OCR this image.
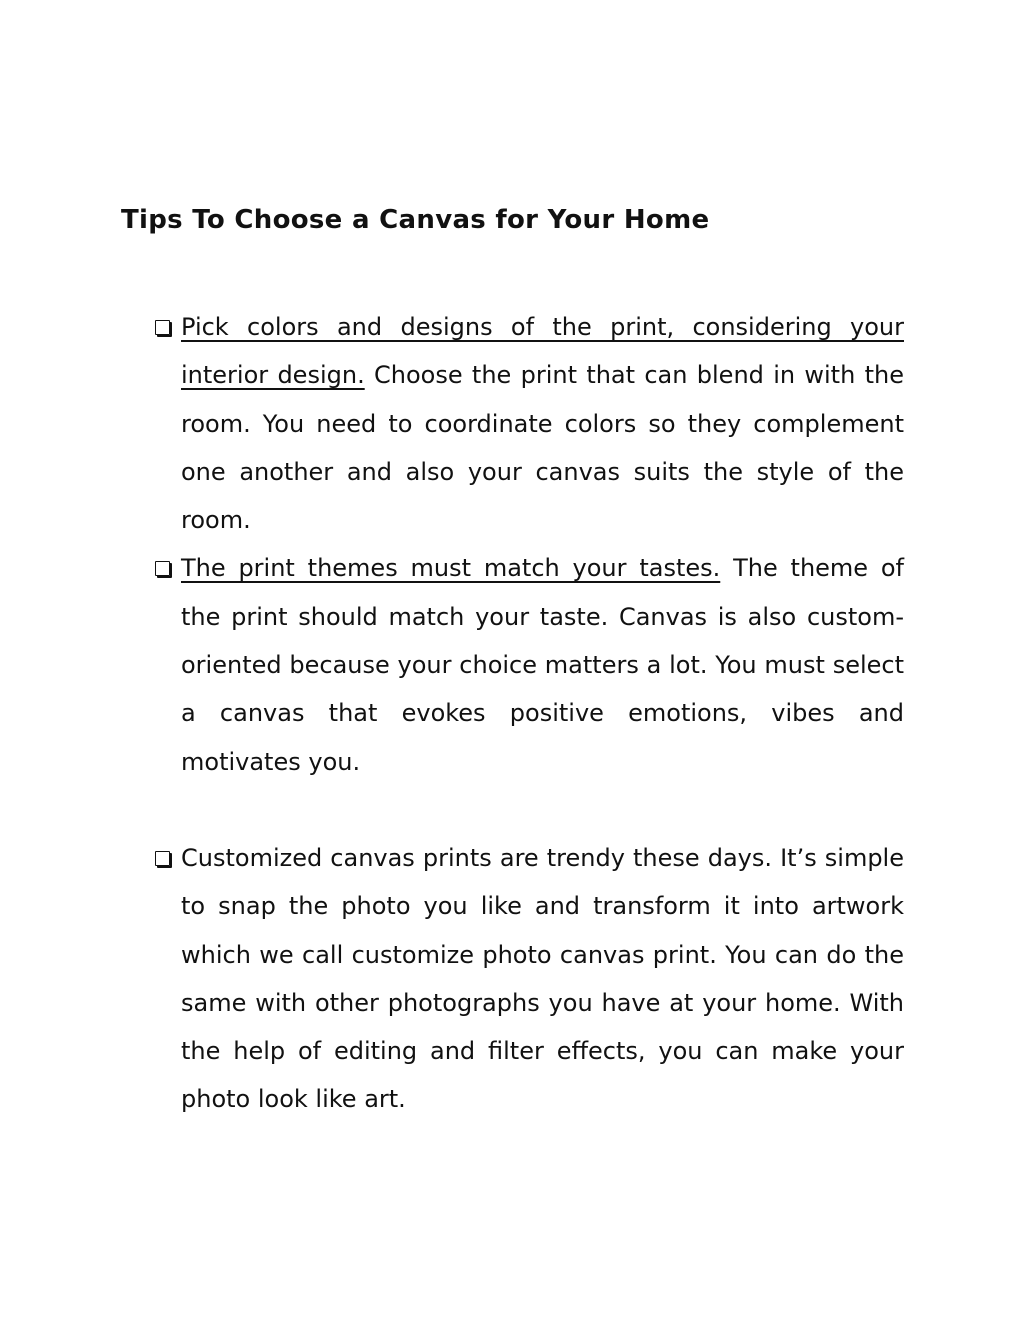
Tips To Choose a Canvas for Your Home
Pick colors and designs of the print, considering your interior design. Choose the print that can blend in with the room. You need to coordinate colors so they complement one another and also your canvas suits the style of the room.
The print themes must match your tastes. The theme of the print should match your taste. Canvas is also custom-oriented because your choice matters a lot. You must select a canvas that evokes positive emotions, vibes and motivates you.
Customized canvas prints are trendy these days. It’s simple to snap the photo you like and transform it into artwork which we call customize photo canvas print. You can do the same with other photographs you have at your home. With the help of editing and filter effects, you can make your photo look like art.
